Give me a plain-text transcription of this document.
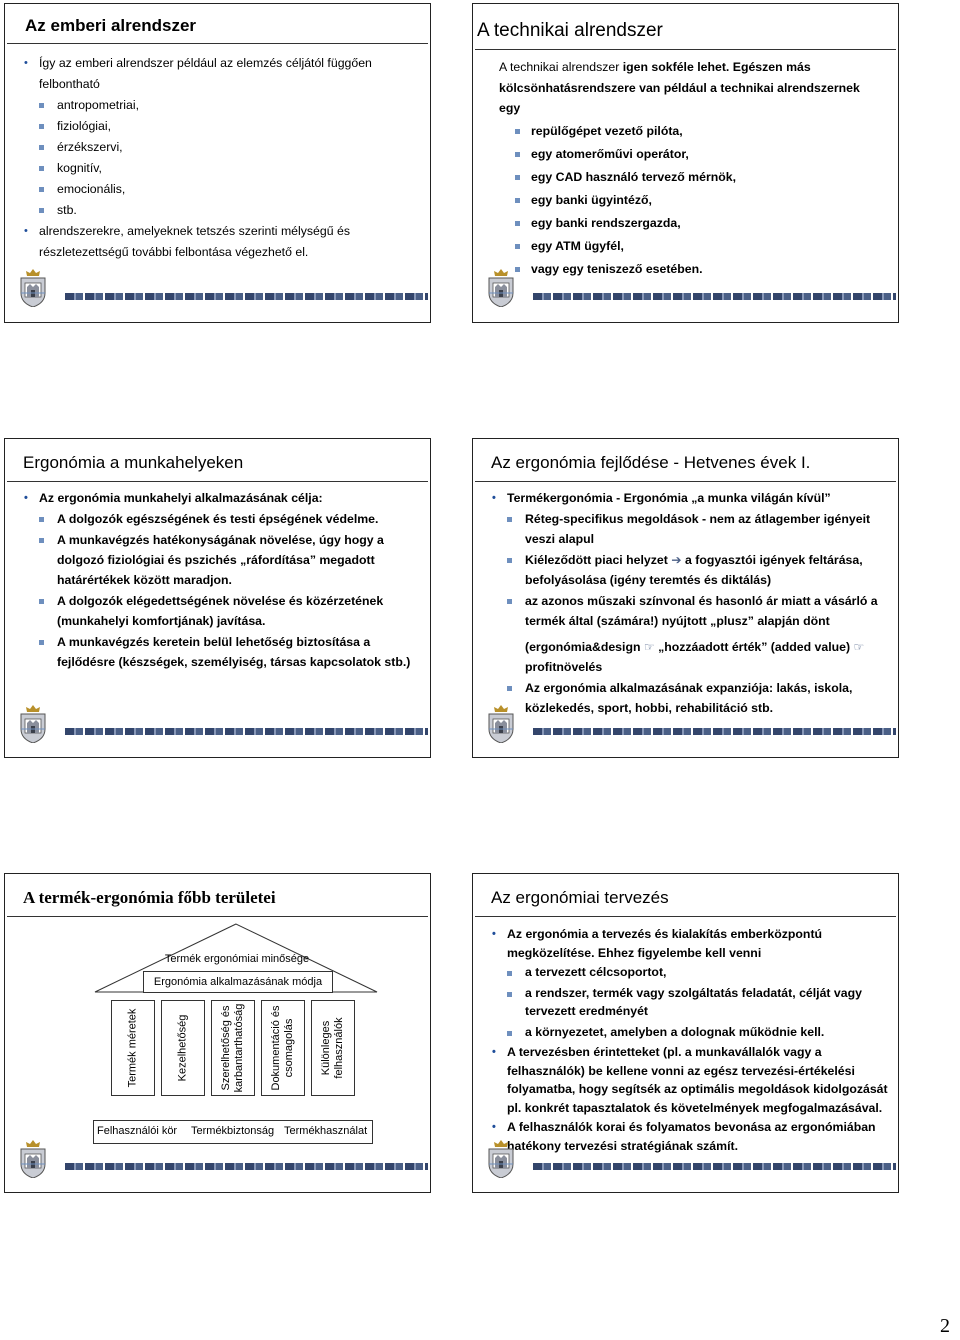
Az emberi alrendszer
• Így az emberi alrendszer például az elemzés céljától függően felbontható
antropometriai,
fiziológiai,
érzékszervi,
kognitív,
emocionális,
stb.
• alrendszerekre, amelyeknek tetszés szerinti mélységű és részletezettségű további felbontása végezhető el.
A technikai alrendszer
A technikai alrendszer igen sokféle lehet. Egészen más kölcsönhatásrendszere van például a technikai alrendszernek egy
repülőgépet vezető pilóta,
egy atomerőművi operátor,
egy CAD használó tervező mérnök,
egy banki ügyintéző,
egy banki rendszergazda,
egy ATM ügyfél,
vagy egy teniszező esetében.
Ergonómia a munkahelyeken
• Az ergonómia munkahelyi alkalmazásának célja:
A dolgozók egészségének és testi épségének védelme.
A munkavégzés hatékonyságának növelése, úgy hogy a dolgozó fiziológiai és pszichés „ráfordítása” megadott határértékek között maradjon.
A dolgozók elégedettségének növelése és közérzetének (munkahelyi komfortjának) javítása.
A munkavégzés keretein belül lehetőség biztosítása a fejlődésre (készségek, személyiség, társas kapcsolatok stb.)
Az ergonómia fejlődése - Hetvenes évek I.
• Termékergonómia - Ergonómia „a munka világán kívül”
Réteg-specifikus megoldások - nem az átlagember igényeit veszi alapul
Kiéleződött piaci helyzet ➔ a fogyasztói igények feltárása, befolyásolása (igény teremtés és diktálás)
az azonos műszaki színvonal és hasonló ár miatt a vásárló a termék által (számára!) nyújtott „plusz” alapján dönt
(ergonómia&design ☞ „hozzáadott érték” (added value) ☞
profitnövelés
Az ergonómia alkalmazásának expanziója: lakás, iskola, közlekedés, sport, hobbi, rehabilitáció stb.
A termék-ergonómia főbb területei
Termék ergonómiai minősége
Ergonómia alkalmazásának módja
Termék méretek	Kezelhetőség	Szerelhetőség és karbantarthatóság Dokumentáció és csomagolás Különleges felhasználók
Felhasználói kör Termékbiztonság Termékhasználat
Az ergonómiai tervezés
• Az ergonómia a tervezés és kialakítás emberközpontú megközelítése. Ehhez figyelembe kell venni
a tervezett célcsoportot,
a rendszer, termék vagy szolgáltatás feladatát, célját vagy tervezett eredményét
a környezetet, amelyben a dolognak működnie kell.
• A tervezésben érintetteket (pl. a munkavállalók vagy a felhasználók) be kellene vonni az egész tervezési-értékelési folyamatba, hogy segítsék az optimális megoldások kidolgozását pl. konkrét tapasztalatok és követelmények megfogalmazásával.
• A felhasználók korai és folyamatos bevonása az ergonómiában hatékony tervezési stratégiának számít.
2
